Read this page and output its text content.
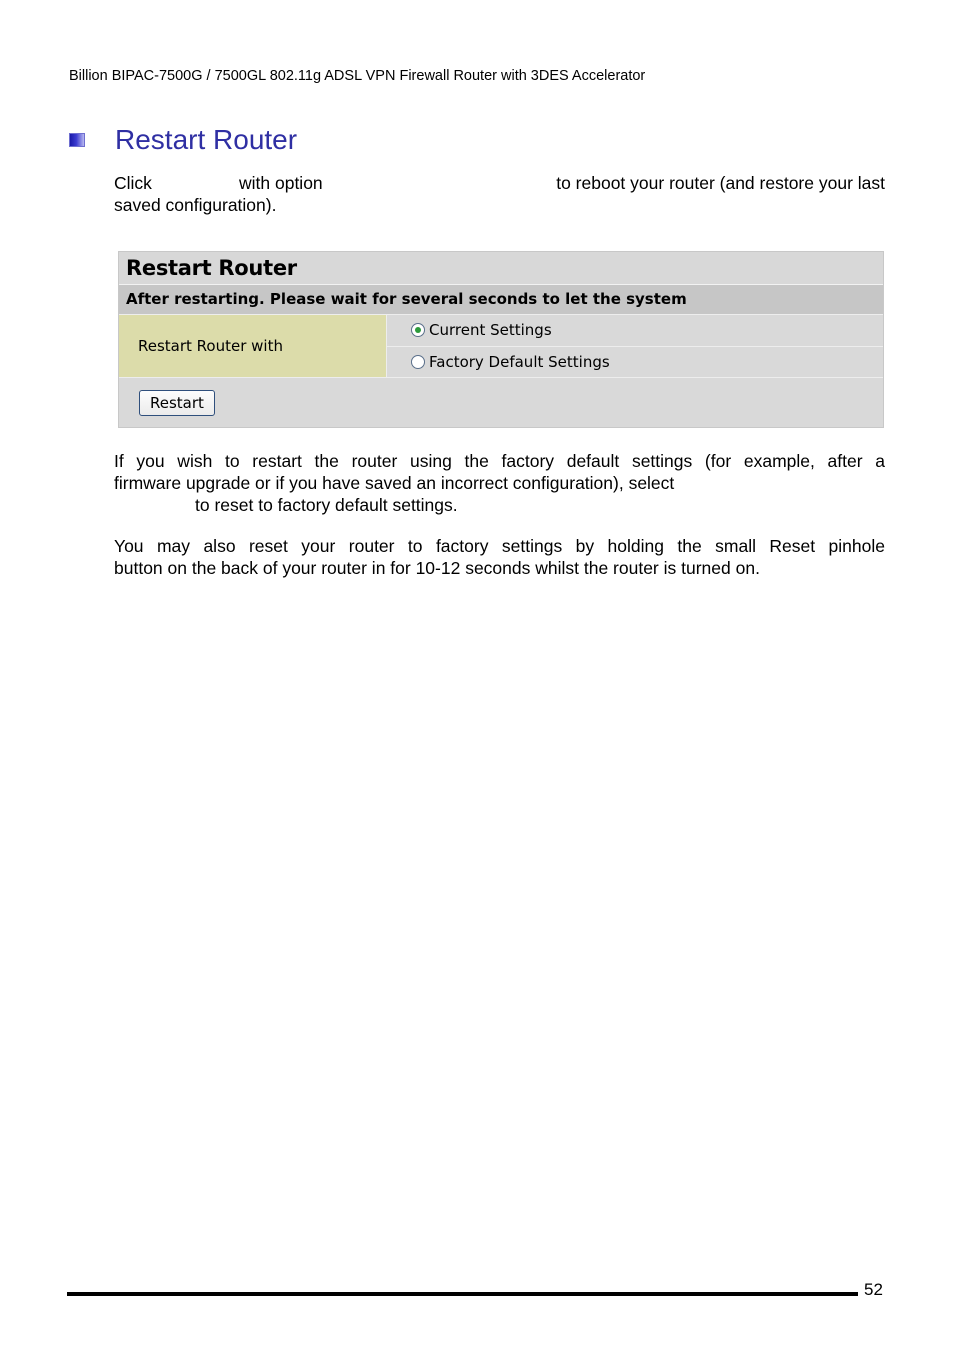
Billion BIPAC-7500G / 7500GL 802.11g ADSL VPN Firewall Router with 3DES Accelerator
Restart Router
Click	with option	to reboot your router (and restore your last
saved configuration).
Restart Router
After restarting. Please wait for several seconds to let the system
Restart Router with
Current Settings
Factory Default Settings
Restart
If you wish to restart the router using the factory default settings (for example, after a
firmware upgrade or if you have saved an incorrect configuration), select
to reset to factory default settings.
You may also reset your router to factory settings by holding the small Reset pinhole
button on the back of your router in for 10-12 seconds whilst the router is turned on.
52
